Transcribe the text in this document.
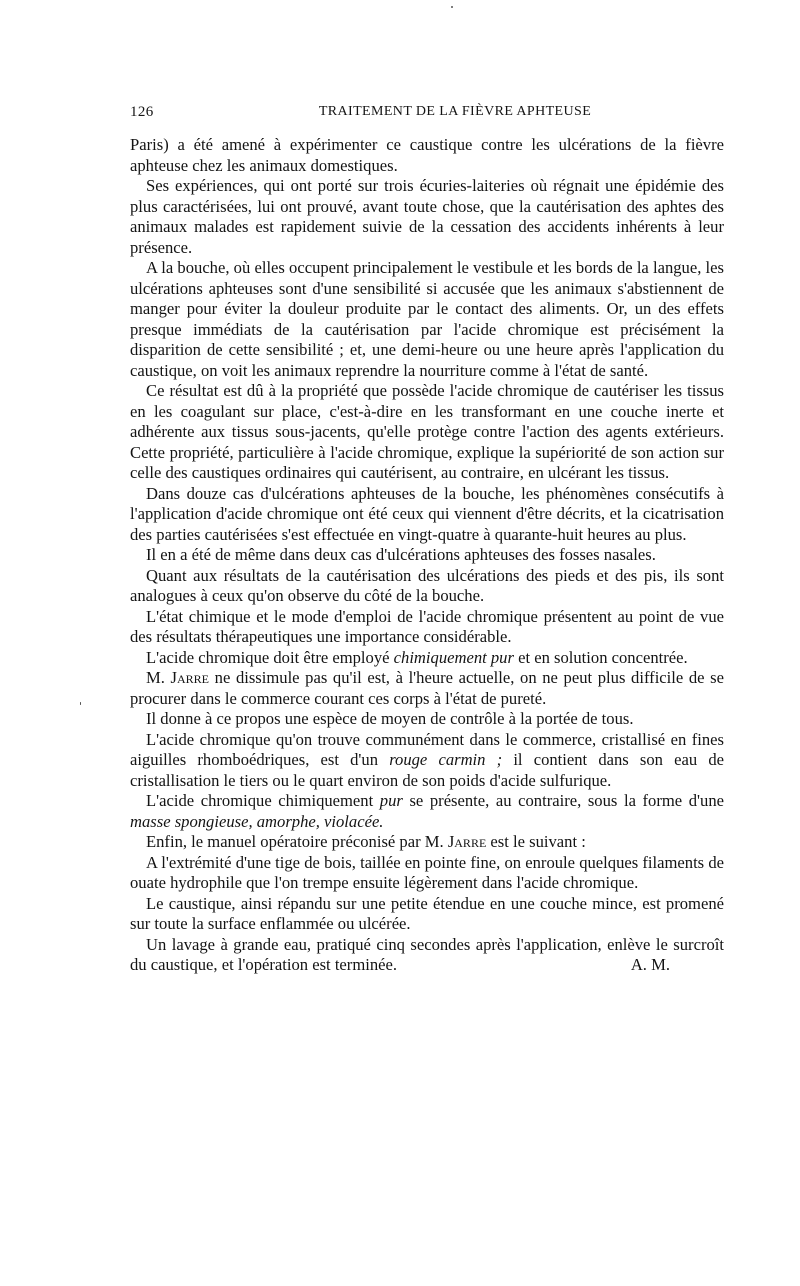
126	TRAITEMENT DE LA FIÈVRE APHTEUSE

Paris) a été amené à expérimenter ce caustique contre les ulcérations de la fièvre aphteuse chez les animaux domestiques.

Ses expériences, qui ont porté sur trois écuries-laiteries où régnait une épidémie des plus caractérisées, lui ont prouvé, avant toute chose, que la cautérisation des aphtes des animaux malades est rapidement suivie de la cessation des accidents inhérents à leur présence.

A la bouche, où elles occupent principalement le vestibule et les bords de la langue, les ulcérations aphteuses sont d'une sensibilité si accusée que les animaux s'abstiennent de manger pour éviter la douleur produite par le contact des aliments. Or, un des effets presque immédiats de la cautérisation par l'acide chromique est précisément la disparition de cette sensibilité ; et, une demi-heure ou une heure après l'application du caustique, on voit les animaux reprendre la nourriture comme à l'état de santé.

Ce résultat est dû à la propriété que possède l'acide chromique de cautériser les tissus en les coagulant sur place, c'est-à-dire en les transformant en une couche inerte et adhérente aux tissus sous-jacents, qu'elle protège contre l'action des agents extérieurs. Cette propriété, particulière à l'acide chromique, explique la supériorité de son action sur celle des caustiques ordinaires qui cautérisent, au contraire, en ulcérant les tissus.

Dans douze cas d'ulcérations aphteuses de la bouche, les phénomènes consécutifs à l'application d'acide chromique ont été ceux qui viennent d'être décrits, et la cicatrisation des parties cautérisées s'est effectuée en vingt-quatre à quarante-huit heures au plus.

Il en a été de même dans deux cas d'ulcérations aphteuses des fosses nasales.

Quant aux résultats de la cautérisation des ulcérations des pieds et des pis, ils sont analogues à ceux qu'on observe du côté de la bouche.

L'état chimique et le mode d'emploi de l'acide chromique présentent au point de vue des résultats thérapeutiques une importance considérable.

L'acide chromique doit être employé chimiquement pur et en solution concentrée.

M. Jarre ne dissimule pas qu'il est, à l'heure actuelle, on ne peut plus difficile de se procurer dans le commerce courant ces corps à l'état de pureté.

Il donne à ce propos une espèce de moyen de contrôle à la portée de tous.

L'acide chromique qu'on trouve communément dans le commerce, cristallisé en fines aiguilles rhomboédriques, est d'un rouge carmin ; il contient dans son eau de cristallisation le tiers ou le quart environ de son poids d'acide sulfurique.

L'acide chromique chimiquement pur se présente, au contraire, sous la forme d'une masse spongieuse, amorphe, violacée.

Enfin, le manuel opératoire préconisé par M. Jarre est le suivant :

A l'extrémité d'une tige de bois, taillée en pointe fine, on enroule quelques filaments de ouate hydrophile que l'on trempe ensuite légèrement dans l'acide chromique.

Le caustique, ainsi répandu sur une petite étendue en une couche mince, est promené sur toute la surface enflammée ou ulcérée.

Un lavage à grande eau, pratiqué cinq secondes après l'application, enlève le surcroît du caustique, et l'opération est terminée.	A. M.
